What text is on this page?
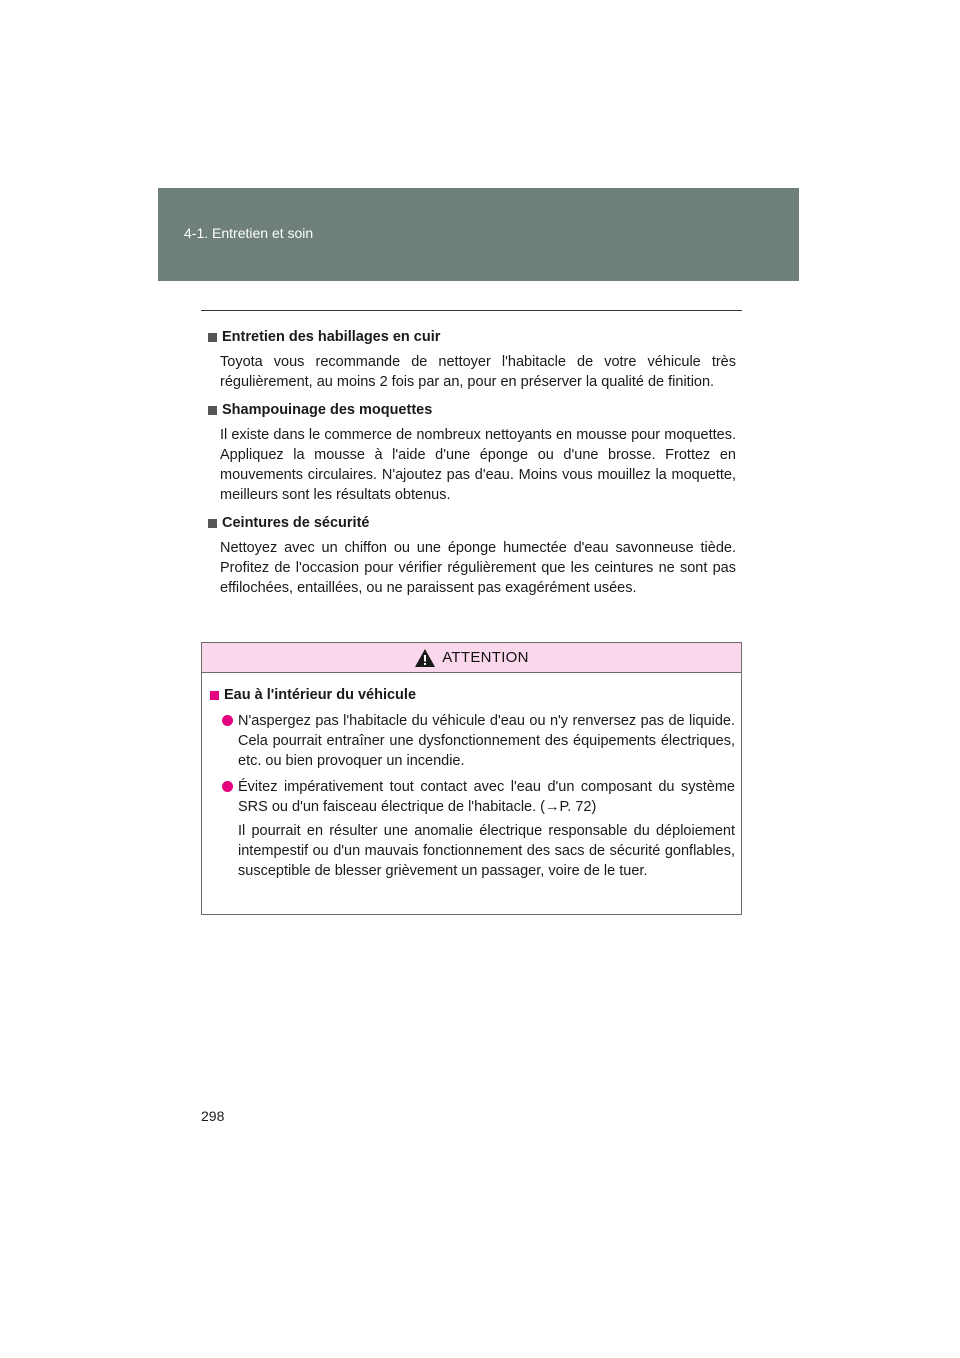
4-1. Entretien et soin

Entretien des habillages en cuir

Toyota vous recommande de nettoyer l'habitacle de votre véhicule très régulièrement, au moins 2 fois par an, pour en préserver la qualité de finition.

Shampouinage des moquettes

Il existe dans le commerce de nombreux nettoyants en mousse pour moquettes. Appliquez la mousse à l'aide d'une éponge ou d'une brosse. Frottez en mouvements circulaires. N'ajoutez pas d'eau. Moins vous mouillez la moquette, meilleurs sont les résultats obtenus.

Ceintures de sécurité

Nettoyez avec un chiffon ou une éponge humectée d'eau savonneuse tiède. Profitez de l'occasion pour vérifier régulièrement que les ceintures ne sont pas effilochées, entaillées, ou ne paraissent pas exagérément usées.

ATTENTION

Eau à l'intérieur du véhicule

N'aspergez pas l'habitacle du véhicule d'eau ou n'y renversez pas de liquide. Cela pourrait entraîner une dysfonctionnement des équipements électriques, etc. ou bien provoquer un incendie.
Évitez impérativement tout contact avec l'eau d'un composant du système SRS ou d'un faisceau électrique de l'habitacle. (→P. 72)

Il pourrait en résulter une anomalie électrique responsable du déploiement intempestif ou d'un mauvais fonctionnement des sacs de sécurité gonflables, susceptible de blesser grièvement un passager, voire de le tuer.

298
